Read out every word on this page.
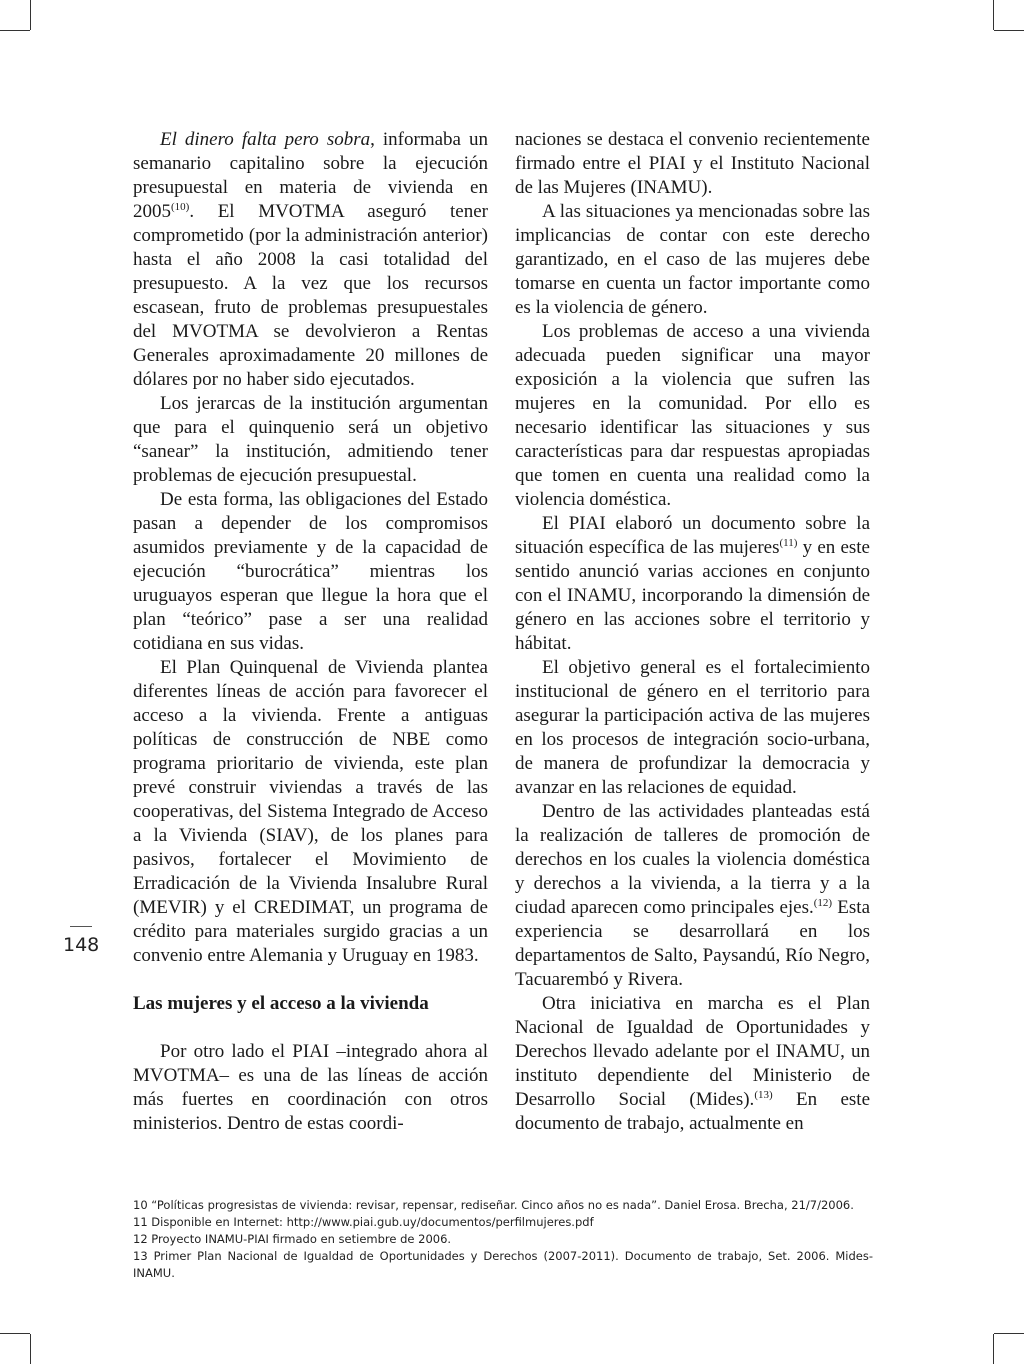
El dinero falta pero sobra, informaba un semanario capitalino sobre la ejecución presupuestal en materia de vivienda en 2005$^{(10)}$. El MVOTMA aseguró tener comprometido (por la administración anterior) hasta el año 2008 la casi totalidad del presupuesto. A la vez que los recursos escasean, fruto de problemas presupuestales del MVOTMA se devolvieron a Rentas Generales aproximadamente 20 millones de dólares por no haber sido ejecutados.

Los jerarcas de la institución argumentan que para el quinquenio será un objetivo “sanear” la institución, admitiendo tener problemas de ejecución presupuestal.

De esta forma, las obligaciones del Estado pasan a depender de los compromisos asumidos previamente y de la capacidad de ejecución “burocrática” mientras los uruguayos esperan que llegue la hora que el plan “teórico” pase a ser una realidad cotidiana en sus vidas.

El Plan Quinquenal de Vivienda plantea diferentes líneas de acción para favorecer el acceso a la vivienda. Frente a antiguas políticas de construcción de NBE como programa prioritario de vivienda, este plan prevé construir viviendas a través de las cooperativas, del Sistema Integrado de Acceso a la Vivienda (SIAV), de los planes para pasivos, fortalecer el Movimiento de Erradicación de la Vivienda Insalubre Rural (MEVIR) y el CREDIMAT, un programa de crédito para materiales surgido gracias a un convenio entre Alemania y Uruguay en 1983.

Las mujeres y el acceso a la vivienda

Por otro lado el PIAI –integrado ahora al MVOTMA– es una de las líneas de acción más fuertes en coordinación con otros ministerios. Dentro de estas coordi-

naciones se destaca el convenio recientemente firmado entre el PIAI y el Instituto Nacional de las Mujeres (INAMU).

A las situaciones ya mencionadas sobre las implicancias de contar con este derecho garantizado, en el caso de las mujeres debe tomarse en cuenta un factor importante como es la violencia de género.

Los problemas de acceso a una vivienda adecuada pueden significar una mayor exposición a la violencia que sufren las mujeres en la comunidad. Por ello es necesario identificar las situaciones y sus características para dar respuestas apropiadas que tomen en cuenta una realidad como la violencia doméstica.

El PIAI elaboró un documento sobre la situación específica de las mujeres$^{(11)}$ y en este sentido anunció varias acciones en conjunto con el INAMU, incorporando la dimensión de género en las acciones sobre el territorio y hábitat.

El objetivo general es el fortalecimiento institucional de género en el territorio para asegurar la participación activa de las mujeres en los procesos de integración socio-urbana, de manera de profundizar la democracia y avanzar en las relaciones de equidad.

Dentro de las actividades planteadas está la realización de talleres de promoción de derechos en los cuales la violencia doméstica y derechos a la vivienda, a la tierra y a la ciudad aparecen como principales ejes.$^{(12)}$ Esta experiencia se desarrollará en los departamentos de Salto, Paysandú, Río Negro, Tacuarembó y Rivera.

Otra iniciativa en marcha es el Plan Nacional de Igualdad de Oportunidades y Derechos llevado adelante por el INAMU, un instituto dependiente del Ministerio de Desarrollo Social (Mides).$^{(13)}$ En este documento de trabajo, actualmente en

148
10 “Políticas progresistas de vivienda: revisar, repensar, rediseñar. Cinco años no es nada”. Daniel Erosa. Brecha, 21/7/2006.
11 Disponible en Internet: http://www.piai.gub.uy/documentos/perfilmujeres.pdf
12 Proyecto INAMU-PIAI firmado en setiembre de 2006.
13 Primer Plan Nacional de Igualdad de Oportunidades y Derechos (2007-2011). Documento de trabajo, Set. 2006. Mides-INAMU.
